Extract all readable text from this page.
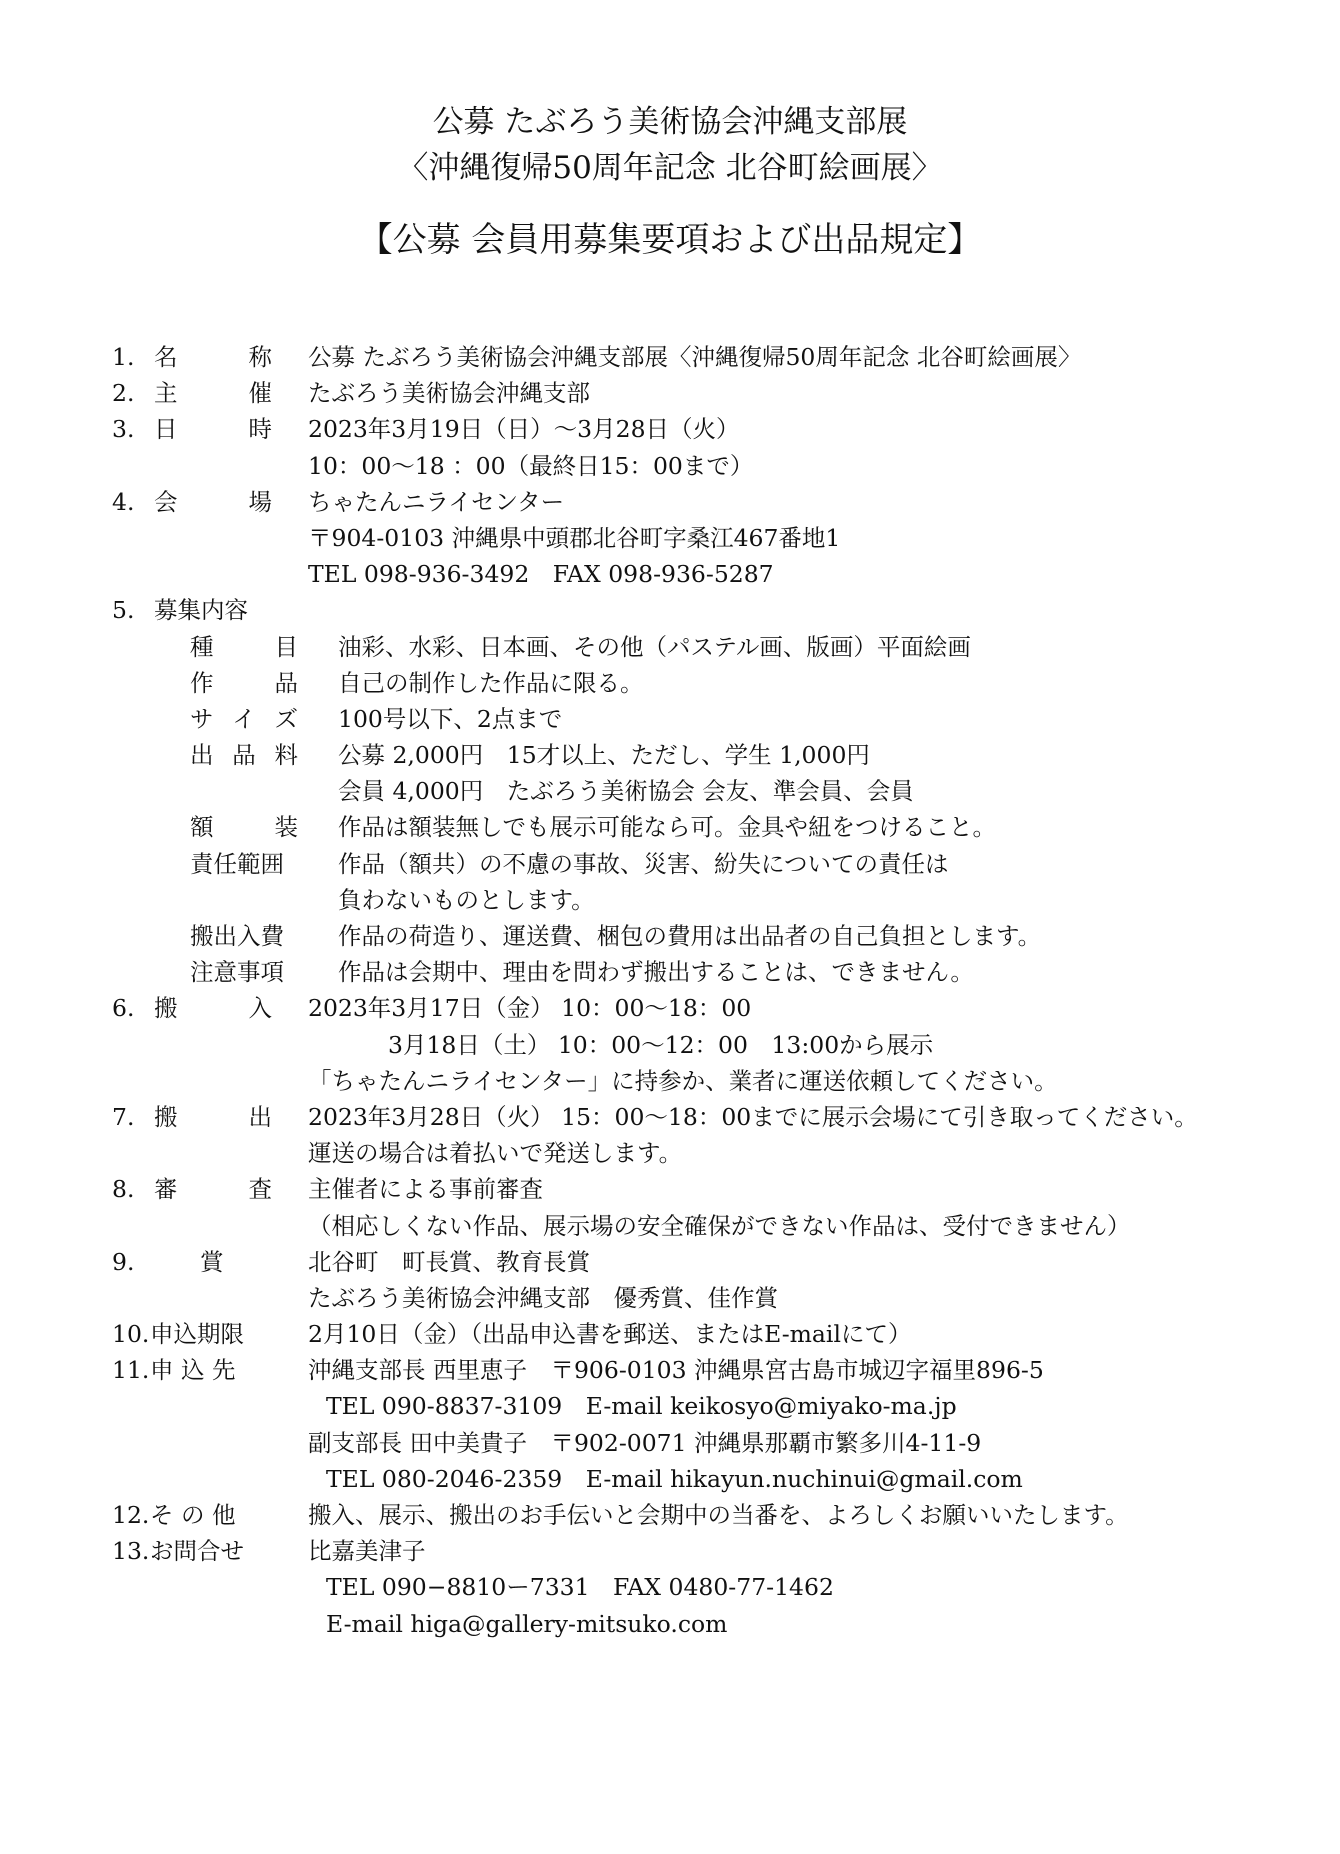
公募 たぶろう美術協会沖縄支部展
〈沖縄復帰50周年記念 北谷町絵画展〉
【公募 会員用募集要項および出品規定】
1. 名	称 公募 たぶろう美術協会沖縄支部展〈沖縄復帰50周年記念 北谷町絵画展〉
2. 主	催 たぶろう美術協会沖縄支部
3. 日	時 2023年3月19日（日）～3月28日（火）
10：00～18 ：00（最終日15：00まで）
4. 会	場 ちゃたんニライセンター
〒904-0103 沖縄県中頭郡北谷町字桑江467番地1
TEL 098-936-3492　FAX 098-936-5287
5. 募集内容
種	目 油彩、水彩、日本画、その他（パステル画、版画）平面絵画
作	品 自己の制作した作品に限る。
サ イ ズ 100号以下、2点まで
出 品 料 公募 2,000円　15才以上、ただし、学生 1,000円
会員 4,000円　たぶろう美術協会 会友、準会員、会員
額	装 作品は額装無しでも展示可能なら可。金具や紐をつけること。
責任範囲 作品（額共）の不慮の事故、災害、紛失についての責任は
負わないものとします。
搬出入費 作品の荷造り、運送費、梱包の費用は出品者の自己負担とします。
注意事項 作品は会期中、理由を問わず搬出することは、できません。
6. 搬	入 2023年3月17日（金） 10：00～18：00
3月18日（土） 10：00～12：00　13:00から展示
「ちゃたんニライセンター」に持参か、業者に運送依頼してください。
7. 搬	出 2023年3月28日（火） 15：00～18：00までに展示会場にて引き取ってください。
運送の場合は着払いで発送します。
8. 審	査 主催者による事前審査
（相応しくない作品、展示場の安全確保ができない作品は、受付できません）
9.	賞	北谷町　町長賞、教育長賞
たぶろう美術協会沖縄支部　優秀賞、佳作賞
10. 申込期限	2月10日（金）（出品申込書を郵送、またはE-mailにて）
11. 申 込 先	沖縄支部長 西里恵子　〒906-0103 沖縄県宮古島市城辺字福里896-5
TEL 090-8837-3109　E-mail keikosyo@miyako-ma.jp
副支部長 田中美貴子　〒902-0071 沖縄県那覇市繁多川4-11-9
TEL 080-2046-2359　E-mail hikayun.nuchinui@gmail.com
12. そ の 他	搬入、展示、搬出のお手伝いと会期中の当番を、よろしくお願いいたします。
13. お問合せ	比嘉美津子
TEL 090−8810ー7331　FAX 0480-77-1462
E-mail higa@gallery-mitsuko.com
